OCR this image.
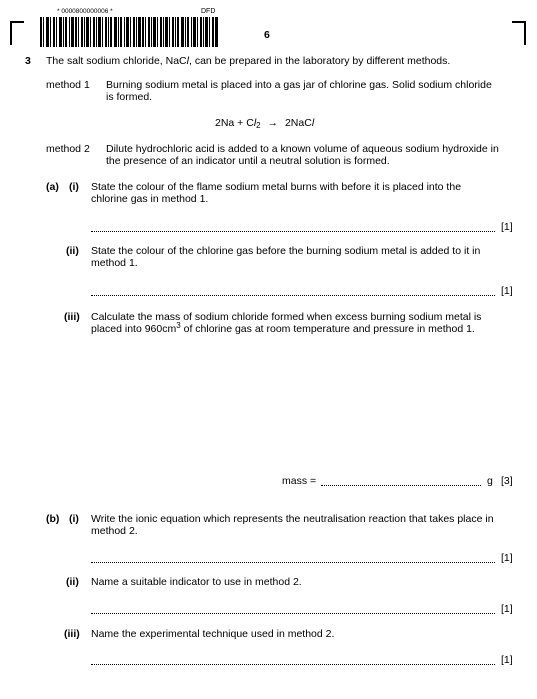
* 0000800000006 *	DFD
6
3 The salt sodium chloride, NaCl, can be prepared in the laboratory by different methods.
method 1 Burning sodium metal is placed into a gas jar of chlorine gas. Solid sodium chloride
is formed.
$2Na + Cl_2$ → 2NaCl
method 2 Dilute hydrochloric acid is added to a known volume of aqueous sodium hydroxide in
the presence of an indicator until a neutral solution is formed.
(a) (i) State the colour of the flame sodium metal burns with before it is placed into the
chlorine gas in method 1.
[1]
(ii) State the colour of the chlorine gas before the burning sodium metal is added to it in
method 1.
[1]
(iii) Calculate the mass of sodium chloride formed when excess burning sodium metal is
placed into $960cm^3$ of chlorine gas at room temperature and pressure in method 1.
mass =	g [3]
(b) (i) Write the ionic equation which represents the neutralisation reaction that takes place in
method 2.
[1]
(ii) Name a suitable indicator to use in method 2.
[1]
(iii) Name the experimental technique used in method 2.
[1]
